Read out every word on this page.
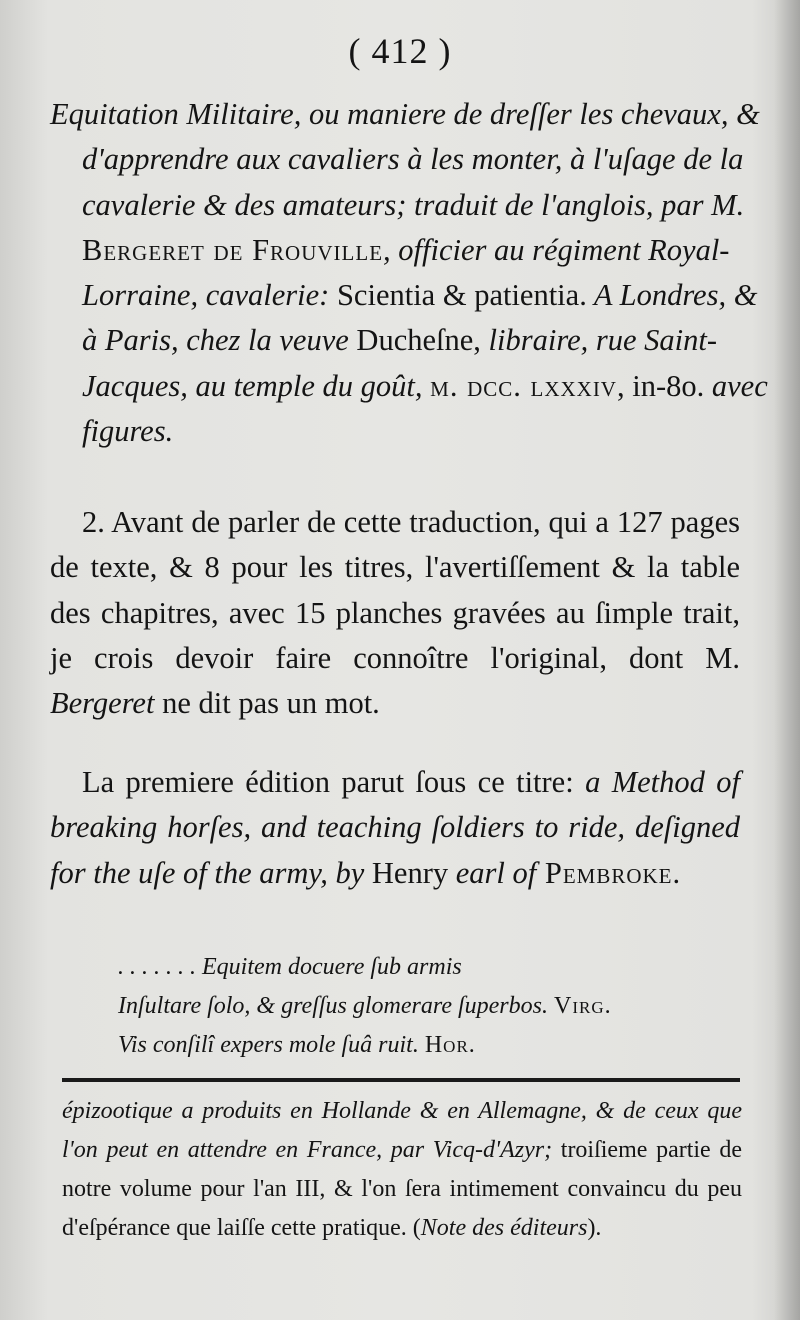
( 412 )
Equitation Militaire, ou maniere de dreſſer les chevaux, & d'apprendre aux cavaliers à les monter, à l'uſage de la cavalerie & des amateurs; traduit de l'anglois, par M. Bergeret de Frouville, officier au régiment Royal-Lorraine, cavalerie: Scientia & patientia. A Londres, & à Paris, chez la veuve Ducheſne, libraire, rue Saint-Jacques, au temple du goût, m. dcc. lxxxiv, in-8o. avec figures.
2. Avant de parler de cette traduction, qui a 127 pages de texte, & 8 pour les titres, l'avertiſſement & la table des chapitres, avec 15 planches gravées au ſimple trait, je crois devoir faire connoître l'original, dont M. Bergeret ne dit pas un mot.
La premiere édition parut ſous ce titre: a Method of breaking horſes, and teaching ſoldiers to ride, deſigned for the uſe of the army, by Henry earl of Pembroke.
. . . . . . . Equitem docuere ſub armis
Inſultare ſolo, & greſſus glomerare ſuperbos. Virg.
Vis conſilî expers mole ſuâ ruit. Hor.
épizootique a produits en Hollande & en Allemagne, & de ceux que l'on peut en attendre en France, par Vicq-d'Azyr; troiſieme partie de notre volume pour l'an III, & l'on ſera intimement convaincu du peu d'eſpérance que laiſſe cette pratique. (Note des éditeurs).
